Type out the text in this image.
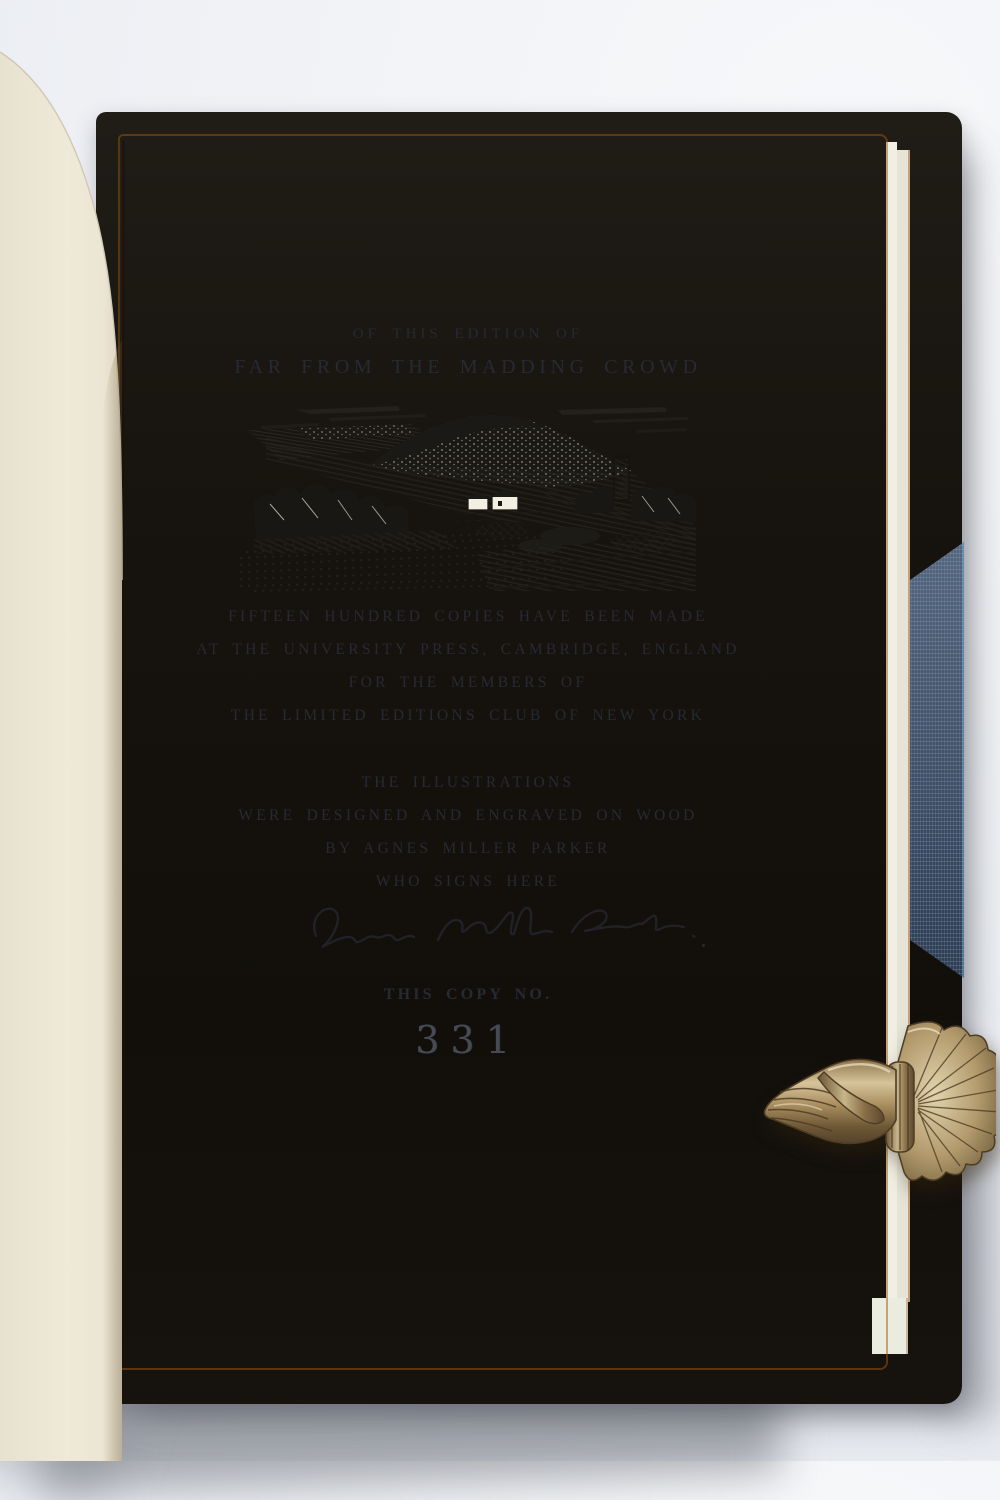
OF THIS EDITION OF
FAR FROM THE MADDING CROWD
FIFTEEN HUNDRED COPIES HAVE BEEN MADE
AT THE UNIVERSITY PRESS, CAMBRIDGE, ENGLAND
FOR THE MEMBERS OF
THE LIMITED EDITIONS CLUB OF NEW YORK
THE ILLUSTRATIONS
WERE DESIGNED AND ENGRAVED ON WOOD
BY AGNES MILLER PARKER
WHO SIGNS HERE
THIS COPY NO.
331
